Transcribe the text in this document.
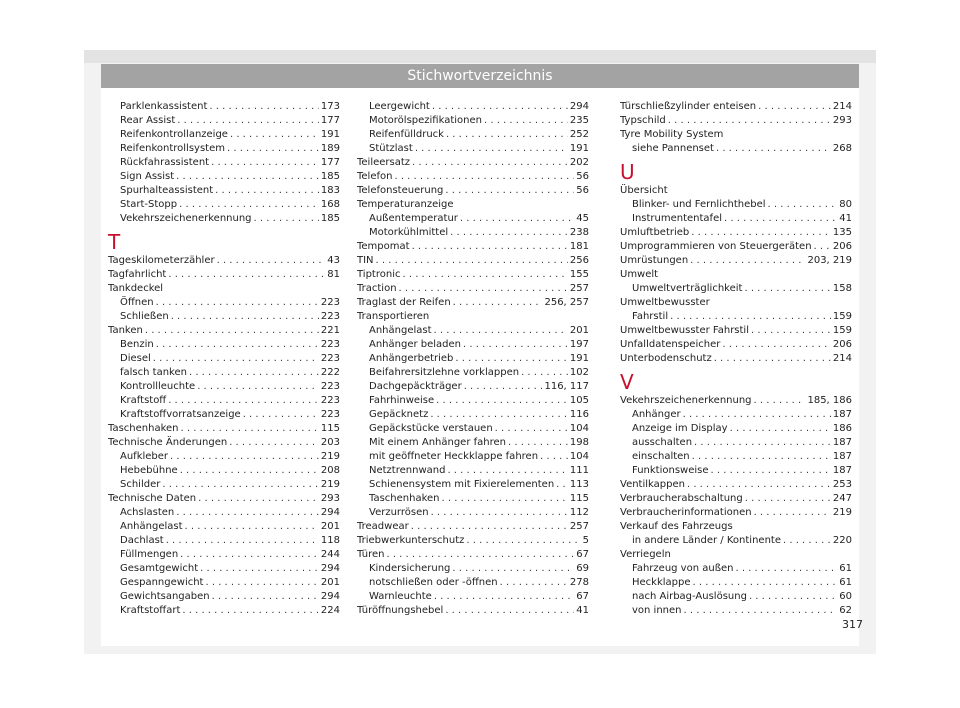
Stichwortverzeichnis
Parklenkassistent . . .	173
Rear Assist . . .	177
Reifenkontrollanzeige . . .	191
Reifenkontrollsystem . . .	189
Rückfahrassistent . . .	177
Sign Assist . . .	185
Spurhalteassistent . . .	183
Start-Stopp . . .	168
Vekehrszeichenerkennung . . .	185
T
Tageskilometerzähler . . .	43
Tagfahrlicht . . .	81
Tankdeckel
Öffnen . . .	223
Schließen . . .	223
Tanken . . .	221
Benzin . . .	223
Diesel . . .	223
falsch tanken . . .	222
Kontrollleuchte . . .	223
Kraftstoff . . .	223
Kraftstoffvorratsanzeige . . .	223
Taschenhaken . . .	115
Technische Änderungen . . .	203
Aufkleber . . .	219
Hebebühne . . .	208
Schilder . . .	219
Technische Daten . . .	293
Achslasten . . .	294
Anhängelast . . .	201
Dachlast . . .	118
Füllmengen . . .	244
Gesamtgewicht . . .	294
Gespanngewicht . . .	201
Gewichtsangaben . . .	294
Kraftstoffart . . .	224
Leergewicht . . .	294
Motorölspezifikationen . . .	235
Reifenfülldruck . . .	252
Stützlast . . .	191
Teileersatz . . .	202
Telefon . . .	56
Telefonsteuerung . . .	56
Temperaturanzeige
Außentemperatur . . .	45
Motorkühlmittel . . .	238
Tempomat . . .	181
TIN . . .	256
Tiptronic . . .	155
Traction . . .	257
Traglast der Reifen . . .	256, 257
Transportieren
Anhängelast . . .	201
Anhänger beladen . . .	197
Anhängerbetrieb . . .	191
Beifahrersitzlehne vorklappen . . .	102
Dachgepäckträger . . .	116, 117
Fahrhinweise . . .	105
Gepäcknetz . . .	116
Gepäckstücke verstauen . . .	104
Mit einem Anhänger fahren . . .	198
mit geöffneter Heckklappe fahren . . .	104
Netztrennwand . . .	111
Schienensystem mit Fixierelementen . . . 113
Taschenhaken . . .	115
Verzurrösen . . .	112
Treadwear . . .	257
Triebwerkunterschutz . . .	5
Türen . . .	67
Kindersicherung . . .	69
notschließen oder -öffnen . . .	278
Warnleuchte . . .	67
Türöffnungshebel . . .	41
Türschließzylinder enteisen . . .	214
Typschild . . .	293
Tyre Mobility System
siehe Pannenset . . .	268
U
Übersicht
Blinker- und Fernlichthebel . . .	80
Instrumententafel . . .	41
Umluftbetrieb . . .	135
Umprogrammieren von Steuergeräten . . . 206
Umrüstungen . . .	203, 219
Umwelt
Umweltverträglichkeit . . .	158
Umweltbewusster
Fahrstil . . .	159
Umweltbewusster Fahrstil . . .	159
Unfalldatenspeicher . . .	206
Unterbodenschutz . . .	214
V
Vekehrszeichenerkennung . . .	185, 186
Anhänger . . .	187
Anzeige im Display . . .	186
ausschalten . . .	187
einschalten . . .	187
Funktionsweise . . .	187
Ventilkappen . . .	253
Verbraucherabschaltung . . .	247
Verbraucherinformationen . . .	219
Verkauf des Fahrzeugs
in andere Länder / Kontinente . . .	220
Verriegeln
Fahrzeug von außen . . .	61
Heckklappe . . .	61
nach Airbag-Auslösung . . .	60
von innen . . .	62
317
